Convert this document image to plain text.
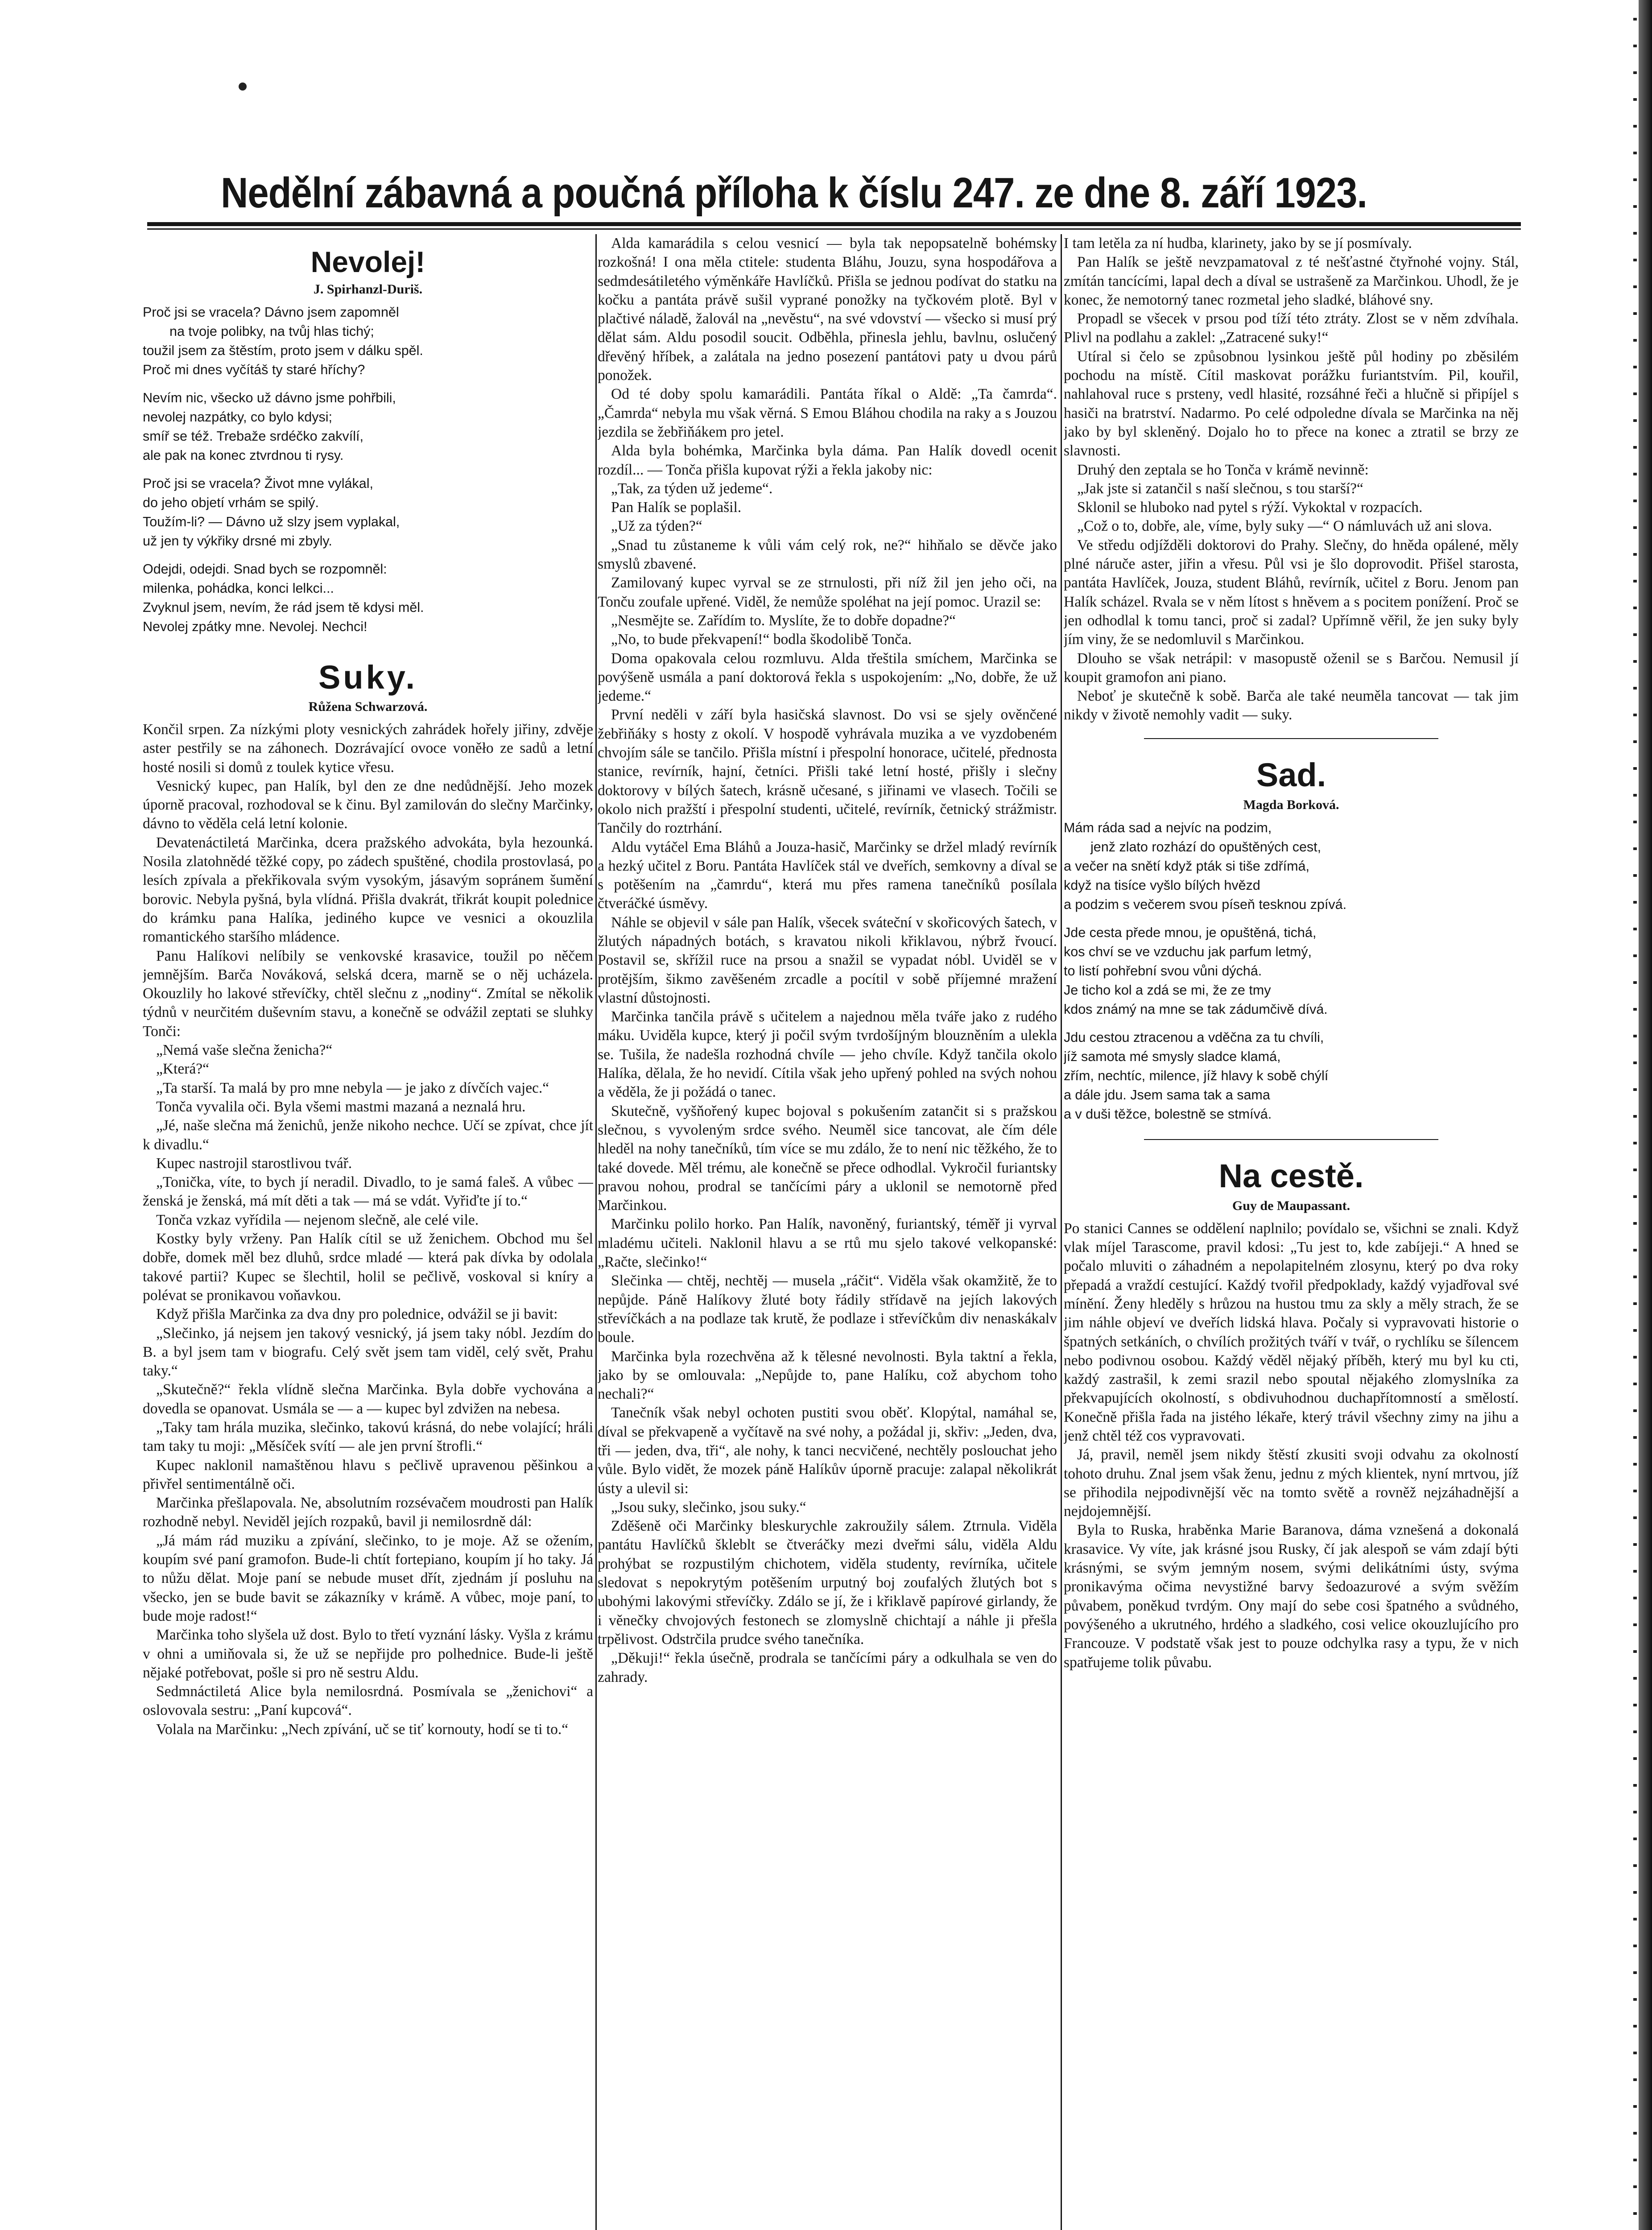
Nedělní zábavná a poučná příloha k číslu 247. ze dne 8. září 1923.
Nevolej!
J. Spirhanzl-Duriš.
Proč jsi se vracela? Dávno jsem zapomněl
na tvoje polibky, na tvůj hlas tichý;
toužil jsem za štěstím, proto jsem v dálku spěl.
Proč mi dnes vyčítáš ty staré hříchy?
Nevím nic, všecko už dávno jsme pohřbili,
nevolej nazpátky, co bylo kdysi;
smíř se též. Trebaže srdéčko zakvílí,
ale pak na konec ztvrdnou ti rysy.
Proč jsi se vracela? Život mne vylákal,
do jeho objetí vrhám se spilý.
Toužím-li? — Dávno už slzy jsem vyplakal,
už jen ty výkřiky drsné mi zbyly.
Odejdi, odejdi. Snad bych se rozpomněl:
milenka, pohádka, konci lelkci...
Zvyknul jsem, nevím, že rád jsem tě kdysi měl.
Nevolej zpátky mne. Nevolej. Nechci!
Suky.
Růžena Schwarzová.

Končil srpen. Za nízkými ploty vesnických zahrádek hořely jiřiny, zdvěje aster pestřily se na záhonech. Dozrávající ovoce voněło ze sadů a letní hosté nosili si domů z toulek kytice vřesu.

Vesnický kupec, pan Halík, byl den ze dne nedůdnější. Jeho mozek úporně pracoval, rozhodoval se k činu. Byl zamilován do slečny Marčinky, dávno to věděla celá letní kolonie.

Devatenáctiletá Marčinka, dcera pražského advokáta, byla hezounká. Nosila zlatohnědé těžké copy, po zádech spuštěné, chodila prostovlasá, po lesích zpívala a překřikovala svým vysokým, jásavým sopránem šumění borovic. Nebyla pyšná, byla vlídná. Přišla dvakrát, třikrát koupit polednice do krámku pana Halíka, jediného kupce ve vesnici a okouzlila romantického staršího mládence.

Panu Halíkovi nelíbily se venkovské krasavice, toužil po něčem jemnějším. Barča Nováková, selská dcera, marně se o něj ucházela. Okouzlily ho lakové střevíčky, chtěl slečnu z „nodiny“. Zmítal se několik týdnů v neurčitém duševním stavu, a konečně se odvážil zeptati se sluhky Tonči:

„Nemá vaše slečna ženicha?“

„Která?“

„Ta starší. Ta malá by pro mne nebyla — je jako z dívčích vajec.“

Tonča vyvalila oči. Byla všemi mastmi mazaná a neznalá hru.

„Jé, naše slečna má ženichů, jenže nikoho nechce. Učí se zpívat, chce jít k divadlu.“

Kupec nastrojil starostlivou tvář.

„Tonička, víte, to bych jí neradil. Divadlo, to je samá faleš. A vůbec — ženská je ženská, má mít děti a tak — má se vdát. Vyřiďte jí to.“

Tonča vzkaz vyřídila — nejenom slečně, ale celé vile.

Kostky byly vrženy. Pan Halík cítil se už ženichem. Obchod mu šel dobře, domek měl bez dluhů, srdce mladé — která pak dívka by odolala takové partii? Kupec se šlechtil, holil se pečlivě, voskoval si kníry a polévat se pronikavou voňavkou.

Když přišla Marčinka za dva dny pro polednice, odvážil se ji bavit:

„Slečinko, já nejsem jen takový vesnický, já jsem taky nóbl. Jezdím do B. a byl jsem tam v biografu. Celý svět jsem tam viděl, celý svět, Prahu taky.“

„Skutečně?“ řekla vlídně slečna Marčinka. Byla dobře vychována a dovedla se opanovat. Usmála se — a — kupec byl zdvižen na nebesa.

„Taky tam hrála muzika, slečinko, takovú krásná, do nebe volající; hráli tam taky tu moji: „Měsíček svítí — ale jen první štrofli.“

Kupec naklonil namaštěnou hlavu s pečlivě upravenou pěšinkou a přivřel sentimentálně oči.

Marčinka přešlapovala. Ne, absolutním rozsévačem moudrosti pan Halík rozhodně nebyl. Neviděl jejích rozpaků, bavil ji nemilosrdně dál:

„Já mám rád muziku a zpívání, slečinko, to je moje. Až se ožením, koupím své paní gramofon. Bude-li chtít fortepiano, koupím jí ho taky. Já to nůžu dělat. Moje paní se nebude muset dřít, zjednám jí posluhu na všecko, jen se bude bavit se zákazníky v krámě. A vůbec, moje paní, to bude moje radost!“

Marčinka toho slyšela už dost. Bylo to třetí vyznání lásky. Vyšla z krámu v ohni a umiňovala si, že už se nepřijde pro polhednice. Bude-li ještě nějaké potřebovat, pošle si pro ně sestru Aldu.

Sedmnáctiletá Alice byla nemilosrdná. Posmívala se „ženichovi“ a oslovovala sestru: „Paní kupcová“.

Volala na Marčinku: „Nech zpívání, uč se tiť kornouty, hodí se ti to.“

Alda kamarádila s celou vesnicí — byla tak nepopsatelně bohémsky rozkošná! I ona měla ctitele: studenta Bláhu, Jouzu, syna hospodářova a sedmdesátiletého výměnkáře Havlíčků. Přišla se jednou podívat do statku na kočku a pantáta právě sušil vyprané ponožky na tyčkovém plotě. Byl v plačtivé náladě, žalovál na „nevěstu“, na své vdovství — všecko si musí prý dělat sám. Aldu posodil soucit. Odběhla, přinesla jehlu, bavlnu, oslučený dřevěný hříbek, a zalátala na jedno posezení pantátovi paty u dvou párů ponožek.

Od té doby spolu kamarádili. Pantáta říkal o Aldě: „Ta čamrda“. „Čamrda“ nebyla mu však věrná. S Emou Bláhou chodila na raky a s Jouzou jezdila se žebřiňákem pro jetel.

Alda byla bohémka, Marčinka byla dáma. Pan Halík dovedl ocenit rozdíl... — Tonča přišla kupovat rýži a řekla jakoby nic:

„Tak, za týden už jedeme“.

Pan Halík se poplašil.

„Už za týden?“

„Snad tu zůstaneme k vůli vám celý rok, ne?“ hihňalo se děvče jako smyslů zbavené.

Zamilovaný kupec vyrval se ze strnulosti, při níž žil jen jeho oči, na Tonču zoufale upřené. Viděl, že nemůže spoléhat na její pomoc. Urazil se:

„Nesmějte se. Zařídím to. Myslíte, že to dobře dopadne?“

„No, to bude překvapení!“ bodla škodolibě Tonča.

Doma opakovala celou rozmluvu. Alda třeštila smíchem, Marčinka se povýšeně usmála a paní doktorová řekla s uspokojením: „No, dobře, že už jedeme.“

První neděli v září byla hasičská slavnost. Do vsi se sjely ověnčené žebřiňáky s hosty z okolí. V hospodě vyhrávala muzika a ve vyzdobeném chvojím sále se tančilo. Přišla místní i přespolní honorace, učitelé, přednosta stanice, revírník, hajní, četníci. Přišli také letní hosté, přišly i slečny doktorovy v bílých šatech, krásně učesané, s jiřinami ve vlasech. Točili se okolo nich pražští i přespolní studenti, učitelé, revírník, četnický strážmistr. Tančily do roztrhání.

Aldu vytáčel Ema Bláhů a Jouza-hasič, Marčinky se držel mladý revírník a hezký učitel z Boru. Pantáta Havlíček stál ve dveřích, semkovny a díval se s potěšením na „čamrdu“, která mu přes ramena tanečníků posílala čtveráčké úsměvy.

Náhle se objevil v sále pan Halík, všecek sváteční v skořicových šatech, v žlutých nápadných botách, s kravatou nikoli křiklavou, nýbrž řvoucí. Postavil se, skřížil ruce na prsou a snažil se vypadat nóbl. Uviděl se v protějším, šikmo zavěšeném zrcadle a pocítil v sobě příjemné mražení vlastní důstojnosti.

Marčinka tančila právě s učitelem a najednou měla tváře jako z rudého máku. Uviděla kupce, který ji počil svým tvrdošíjným blouzněním a ulekla se. Tušila, že nadešla rozhodná chvíle — jeho chvíle. Když tančila okolo Halíka, dělala, že ho nevidí. Cítila však jeho upřený pohled na svých nohou a věděla, že ji požádá o tanec.

Skutečně, vyšňořený kupec bojoval s pokušením zatančit si s pražskou slečnou, s vyvoleným srdce svého. Neuměl sice tancovat, ale čím déle hleděl na nohy tanečníků, tím více se mu zdálo, že to není nic těžkého, že to také dovede. Měl trému, ale konečně se přece odhodlal. Vykročil furiantsky pravou nohou, prodral se tančícími páry a uklonil se nemotorně před Marčinkou.

Marčinku polilo horko. Pan Halík, navoněný, furiantský, téměř ji vyrval mladému učiteli. Naklonil hlavu a se rtů mu sjelo takové velkopanské: „Račte, slečinko!“

Slečinka — chtěj, nechtěj — musela „ráčit“. Viděla však okamžitě, že to nepůjde. Páně Halíkovy žluté boty řádily střídavě na jejích lakových střevíčkách a na podlaze tak krutě, že podlaze i střevíčkům div nenaskákalv boule.

Marčinka byla rozechvěna až k tělesné nevolnosti. Byla taktní a řekla, jako by se omlouvala: „Nepůjde to, pane Halíku, což abychom toho nechali?“

Tanečník však nebyl ochoten pustiti svou oběť. Klopýtal, namáhal se, díval se překvapeně a vyčítavě na své nohy, a požádal ji, skřiv: „Jeden, dva, tři — jeden, dva, tři“, ale nohy, k tanci necvičené, nechtěly poslouchat jeho vůle. Bylo vidět, že mozek páně Halíkův úporně pracuje: zalapal několikrát ústy a ulevil si:

„Jsou suky, slečinko, jsou suky.“

Zděšeně oči Marčinky bleskurychle zakroužily sálem. Ztrnula. Viděla pantátu Havlíčků škleblt se čtveráčky mezi dveřmi sálu, viděla Aldu prohýbat se rozpustilým chichotem, viděla studenty, revírníka, učitele sledovat s nepokrytým potěšením urputný boj zoufalých žlutých bot s ubohými lakovými střevíčky. Zdálo se jí, že i křiklavě papírové girlandy, že i věnečky chvojových festonech se zlomyslně chichtají a náhle ji přešla trpělivost. Odstrčila prudce svého tanečníka.

„Děkuji!“ řekla úsečně, prodrala se tančícími páry a odkulhala se ven do zahrady.

I tam letěla za ní hudba, klarinety, jako by se jí posmívaly.

Pan Halík se ještě nevzpamatoval z té nešťastné čtyřnohé vojny. Stál, zmítán tancícími, lapal dech a díval se ustrašeně za Marčinkou. Uhodl, že je konec, že nemotorný tanec rozmetal jeho sladké, bláhové sny.

Propadl se všecek v prsou pod tíží této ztráty. Zlost se v něm zdvíhala. Plivl na podlahu a zaklel: „Zatracené suky!“

Utíral si čelo se způsobnou lysinkou ještě půl hodiny po zběsilém pochodu na místě. Cítil maskovat porážku furiantstvím. Pil, kouřil, nahlahoval ruce s prsteny, vedl hlasité, rozsáhné řeči a hlučně si připíjel s hasiči na bratrství. Nadarmo. Po celé odpoledne dívala se Marčinka na něj jako by byl skleněný. Dojalo ho to přece na konec a ztratil se brzy ze slavnosti.

Druhý den zeptala se ho Tonča v krámě nevinně:

„Jak jste si zatančil s naší slečnou, s tou starší?“

Sklonil se hluboko nad pytel s rýží. Vykoktal v rozpacích.

„Což o to, dobře, ale, víme, byly suky —“ O námluvách už ani slova.

Ve středu odjížděli doktorovi do Prahy. Slečny, do hněda opálené, měly plné náruče aster, jiřin a vřesu. Půl vsi je šlo doprovodit. Přišel starosta, pantáta Havlíček, Jouza, student Bláhů, revírník, učitel z Boru. Jenom pan Halík scházel. Rvala se v něm lítost s hněvem a s pocitem ponížení. Proč se jen odhodlal k tomu tanci, proč si zadal? Upřímně věřil, že jen suky byly jím viny, že se nedomluvil s Marčinkou.

Dlouho se však netrápil: v masopustě oženil se s Barčou. Nemusil jí koupit gramofon ani piano.

Neboť je skutečně k sobě. Barča ale také neuměla tancovat — tak jim nikdy v životě nemohly vadit — suky.

Sad.
Magda Borková.
Mám ráda sad a nejvíc na podzim,
jenž zlato rozhází do opuštěných cest,
a večer na snětí když pták si tiše zdřímá,
když na tisíce vyšlo bílých hvězd
a podzim s večerem svou píseň tesknou zpívá.
Jde cesta přede mnou, je opuštěná, tichá,
kos chví se ve vzduchu jak parfum letmý,
to listí pohřební svou vůni dýchá.
Je ticho kol a zdá se mi, že ze tmy
kdos známý na mne se tak zádumčivě dívá.
Jdu cestou ztracenou a vděčna za tu chvíli,
jíž samota mé smysly sladce klamá,
zřím, nechtíc, milence, jíž hlavy k sobě chýlí
a dále jdu. Jsem sama tak a sama
a v duši těžce, bolestně se stmívá.
Na cestě.
Guy de Maupassant.

Po stanici Cannes se oddělení naplnilo; povídalo se, všichni se znali. Když vlak míjel Tarascome, pravil kdosi: „Tu jest to, kde zabíjeji.“ A hned se počalo mluviti o záhadném a nepolapitelném zlosynu, který po dva roky přepadá a vraždí cestující. Každý tvořil předpoklady, každý vyjadřoval své mínění. Ženy hleděly s hrůzou na hustou tmu za skly a měly strach, že se jim náhle objeví ve dveřích lidská hlava. Počaly si vypravovati historie o špatných setkáních, o chvílích prožitých tváří v tvář, o rychlíku se šílencem nebo podivnou osobou. Každý věděl nějaký příběh, který mu byl ku cti, každý zastrašil, k zemi srazil nebo spoutal nějakého zlomyslníka za překvapujících okolností, s obdivuhodnou duchapřítomností a smělostí. Konečně přišla řada na jistého lékaře, který trávil všechny zimy na jihu a jenž chtěl též cos vypravovati.

Já, pravil, neměl jsem nikdy štěstí zkusiti svoji odvahu za okolností tohoto druhu. Znal jsem však ženu, jednu z mých klientek, nyní mrtvou, jíž se přihodila nejpodivnější věc na tomto světě a rovněž nejzáhadnější a nejdojemnější.

Byla to Ruska, hraběnka Marie Baranova, dáma vznešená a dokonalá krasavice. Vy víte, jak krásné jsou Rusky, čí jak alespoň se vám zdají býti krásnými, se svým jemným nosem, svými delikátními ústy, svýma pronikavýma očima nevystižné barvy šedoazurové a svým svěžím půvabem, poněkud tvrdým. Ony mají do sebe cosi špatného a svůdného, povýšeného a ukrutného, hrdého a sladkého, cosi velice okouzlujícího pro Francouze. V podstatě však jest to pouze odchylka rasy a typu, že v nich spatřujeme tolik půvabu.
